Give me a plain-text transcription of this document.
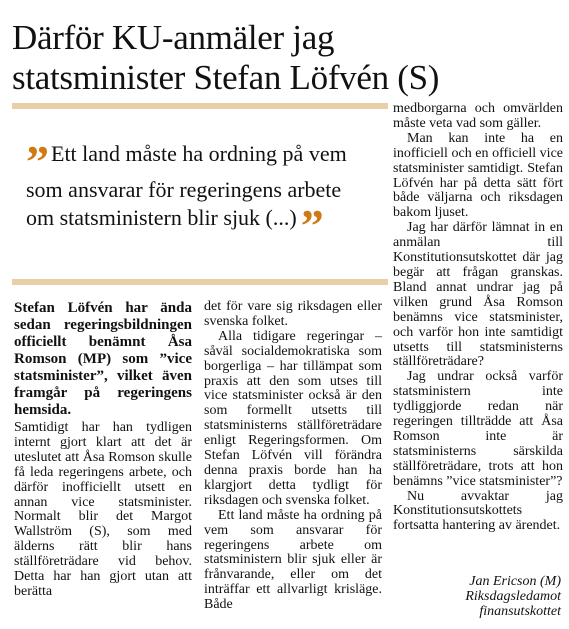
Därför KU-anmäler jag
statsminister Stefan Löfvén (S)
” Ett land måste ha ordning på vem
som ansvarar för regeringens arbete
om statsministern blir sjuk (...)”

Stefan Löfvén har ända sedan regeringsbildningen officiellt benämnt Åsa Romson (MP) som ”vice statsminister”, vilket även framgår på regeringens hemsida.

Samtidigt har han tydligen internt gjort klart att det är uteslutet att Åsa Romson skulle få leda regeringens arbete, och därför inofficiellt utsett en annan vice statsminister. Normalt blir det Margot Wallström (S), som med älderns rätt blir hans ställföreträdare vid behov. Detta har han gjort utan att berätta

det för vare sig riksdagen eller svenska folket.

Alla tidigare regeringar – såväl socialdemokratiska som borgerliga – har tillämpat som praxis att den som utses till vice statsminister också är den som formellt utsetts till statsministerns ställföreträdare enligt Regeringsformen. Om Stefan Löfvén vill förändra denna praxis borde han ha klargjort detta tydligt för riksdagen och svenska folket.

Ett land måste ha ordning på vem som ansvarar för regeringens arbete om statsministern blir sjuk eller är frånvarande, eller om det inträffar ett allvarligt krisläge. Både

medborgarna och omvärlden måste veta vad som gäller.

Man kan inte ha en inofficiell och en officiell vice statsminister samtidigt. Stefan Löfvén har på detta sätt fört både väljarna och riksdagen bakom ljuset.

Jag har därför lämnat in en anmälan till Konstitutionsutskottet där jag begär att frågan granskas. Bland annat undrar jag på vilken grund Åsa Romson benämns vice statsminister, och varför hon inte samtidigt utsetts till statsministerns ställföreträdare?

Jag undrar också varför statsministern inte tydliggjorde redan när regeringen tillträdde att Åsa Romson inte är statsministerns särskilda ställföreträdare, trots att hon benämns ”vice statsminister”?

Nu avvaktar jag Konstitutionsutskottets fortsatta hantering av ärendet.

Jan Ericson (M)
Riksdagsledamot
finansutskottet
